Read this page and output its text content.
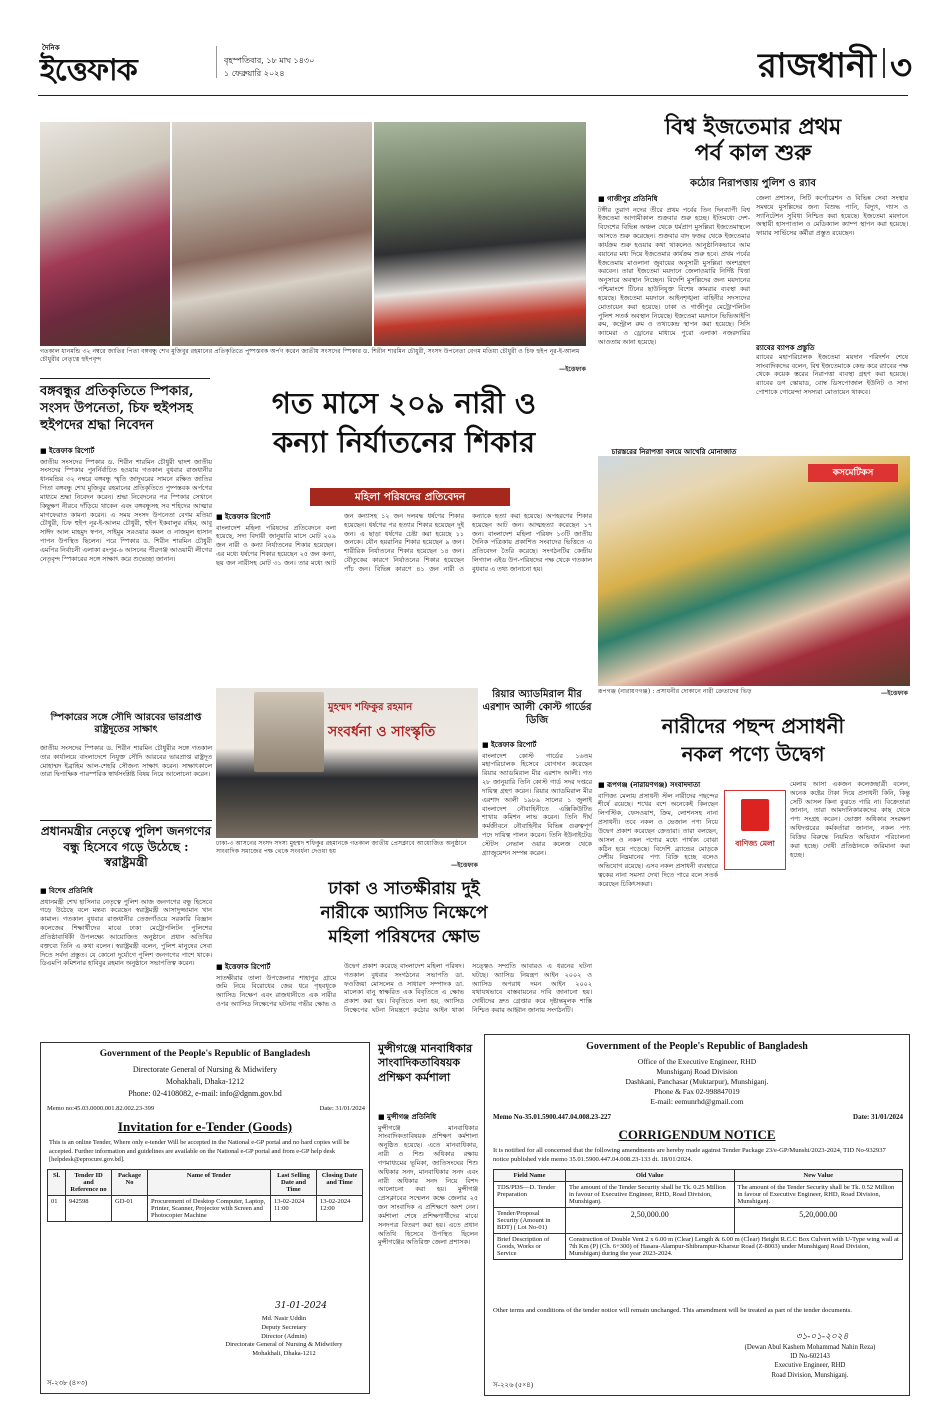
দৈনিক
ইত্তেফাক	বৃহস্পতিবার, ১৮ মাঘ ১৪৩০
১ ফেব্রুয়ারি ২০২৪	রাজধানী ৩
গতকাল ধানমন্ডি ৩২ নম্বরে জাতির পিতা বঙ্গবন্ধু শেখ মুজিবুর রহমানের প্রতিকৃতিতে পুষ্পস্তবক অর্পণ করেন জাতীয় সংসদের স্পিকার ড. শিরীন শারমিন চৌধুরী, সংসদ উপনেতা বেগম মতিয়া চৌধুরী ও চিফ হুইপ নূর-ই-আলম চৌধুরীর নেতৃত্বে হুইপবৃন্দ
—ইত্তেফাক
বিশ্ব ইজতেমার প্রথম
পর্ব কাল শুরু
কঠোর নিরাপত্তায় পুলিশ ও র‌্যাব
■ গাজীপুর প্রতিনিধি
টঙ্গীর তুরাগ নদের তীরে প্রথম পর্বের তিন দিনব্যাপী বিশ্ব ইজতেমা আগামীকাল শুক্রবার শুরু হচ্ছে। ইতিমধ্যে দেশ-বিদেশের বিভিন্ন অঞ্চল থেকে ধর্মপ্রাণ মুসল্লিরা ইজতেমাস্থলে আসতে শুরু করেছেন। শুক্রবার বাদ ফজর থেকে ইজতেমার কার্যক্রম শুরু হওয়ার কথা থাকলেও আনুষ্ঠানিকভাবে আম বয়ানের মধ্য দিয়ে ইজতেমার কার্যক্রম শুরু হবে। প্রথম পর্বের ইজতেমায় মাওলানা জুবায়ের অনুসারী মুসল্লিরা অংশগ্রহণ করবেন। তারা ইজতেমা ময়দানে জেলাওয়ারি নির্দিষ্ট খিত্তা অনুসারে অবস্থান নিচ্ছেন। বিদেশি মুসল্লিদের জন্য ময়দানের পশ্চিমাংশে টিনের ছাউনিযুক্ত বিশেষ কামরার ব্যবস্থা করা হয়েছে। ইজতেমা ময়দানে আইনশৃঙ্খলা বাহিনীর সদস্যদের মোতায়েন করা হয়েছে। ঢাকা ও গাজীপুর মেট্রোপলিটন পুলিশ সতর্ক অবস্থান নিয়েছে। ইজতেমা ময়দানে ভিভিআইপি রুম, কন্ট্রোল রুম ও তথ্যকেন্দ্র স্থাপন করা হয়েছে। সিসি ক্যামেরা ও ড্রোনের মাধ্যমে পুরো এলাকা নজরদারির আওতায় আনা হয়েছে।
চারস্তরের নিরাপত্তা বলয়ে আখেরি মোনাজাত
জেলা প্রশাসন, সিটি কর্পোরেশন ও বিভিন্ন সেবা সংস্থার সমন্বয়ে মুসল্লিদের জন্য বিশুদ্ধ পানি, বিদ্যুৎ, গ্যাস ও স্যানিটেশন সুবিধা নিশ্চিত করা হয়েছে। ইজতেমা ময়দানে অস্থায়ী হাসপাতাল ও মেডিক্যাল ক্যাম্প স্থাপন করা হয়েছে। ফায়ার সার্ভিসের কর্মীরা প্রস্তুত রয়েছেন।
র‌্যাবের ব্যাপক প্রস্তুতি
র‌্যাবের মহাপরিচালক ইজতেমা ময়দান পরিদর্শন শেষে সাংবাদিকদের বলেন, বিশ্ব ইজতেমাকে কেন্দ্র করে র‌্যাবের পক্ষ থেকে কয়েক স্তরের নিরাপত্তা ব্যবস্থা গ্রহণ করা হয়েছে। র‌্যাবের ডগ স্কোয়াড, বোম্ব ডিসপোজাল ইউনিট ও সাদা পোশাকে গোয়েন্দা সদস্যরা মোতায়েন থাকবে।
কসমেটিকস
রূপগঞ্জ (নারায়ণগঞ্জ) : প্রসাধনীর দোকানে নারী ক্রেতাদের ভিড়	—ইত্তেফাক
বঙ্গবন্ধুর প্রতিকৃতিতে স্পিকার, সংসদ উপনেতা, চিফ হুইপসহ হুইপদের শ্রদ্ধা নিবেদন
■ ইত্তেফাক রিপোর্ট
জাতীয় সংসদের স্পিকার ড. শিরীন শারমিন চৌধুরী দ্বাদশ জাতীয় সংসদের স্পিকার পুনর্নির্বাচিত হওয়ায় গতকাল বুধবার রাজধানীর ধানমন্ডির ৩২ নম্বরে বঙ্গবন্ধু স্মৃতি জাদুঘরের সামনে রক্ষিত জাতির পিতা বঙ্গবন্ধু শেখ মুজিবুর রহমানের প্রতিকৃতিতে পুষ্পস্তবক অর্পণের মাধ্যমে শ্রদ্ধা নিবেদন করেন। শ্রদ্ধা নিবেদনের পর স্পিকার সেখানে কিছুক্ষণ নীরবে দাঁড়িয়ে থাকেন এবং বঙ্গবন্ধুসহ সব শহিদের আত্মার মাগফেরাত কামনা করেন। এ সময় সংসদ উপনেতা বেগম মতিয়া চৌধুরী, চিফ হুইপ নূর-ই-আলম চৌধুরী, হুইপ ইকবালুর রহিম, আবু সাঈদ আল মাহমুদ স্বপন, সাইমুম সরওয়ার কমল ও নাজমুল হাসান পাপন উপস্থিত ছিলেন। পরে স্পিকার ড. শিরীন শারমিন চৌধুরী এমপির নির্বাচনী এলাকা রংপুর-৬ আসনের পীরগঞ্জ আওয়ামী লীগের নেতৃবৃন্দ স্পিকারের সঙ্গে সাক্ষাৎ করে শুভেচ্ছা জানান।
স্পিকারের সঙ্গে সৌদি আরবের ভারপ্রাপ্ত রাষ্ট্রদূতের সাক্ষাৎ
জাতীয় সংসদের স্পিকার ড. শিরীন শারমিন চৌধুরীর সঙ্গে গতকাল তার কার্যালয়ে বাংলাদেশে নিযুক্ত সৌদি আরবের ভারপ্রাপ্ত রাষ্ট্রদূত মোহাম্মদ ইব্রাহিম আল-শেহরি সৌজন্য সাক্ষাৎ করেন। সাক্ষাৎকালে তারা দ্বিপাক্ষিক পারস্পরিক স্বার্থসংশ্লিষ্ট বিষয় নিয়ে আলোচনা করেন।
প্রধানমন্ত্রীর নেতৃত্বে পুলিশ জনগণের বন্ধু হিসেবে গড়ে উঠেছে : স্বরাষ্ট্রমন্ত্রী
■ বিশেষ প্রতিনিধি
প্রধানমন্ত্রী শেখ হাসিনার নেতৃত্বে পুলিশ আজ জনগণের বন্ধু হিসেবে গড়ে উঠেছে বলে মন্তব্য করেছেন স্বরাষ্ট্রমন্ত্রী আসাদুজ্জামান খান কামাল। গতকাল বুধবার রাজধানীর তেজগাঁওয়ে সরকারি বিজ্ঞান কলেজের শিক্ষার্থীদের মাঝে ঢাকা মেট্রোপলিটন পুলিশের প্রতিষ্ঠাবার্ষিকী উপলক্ষ্যে আয়োজিত অনুষ্ঠানে প্রধান অতিথির বক্তব্যে তিনি এ কথা বলেন। স্বরাষ্ট্রমন্ত্রী বলেন, পুলিশ মানুষের সেবা দিতে সর্বদা প্রস্তুত। যে কোনো দুর্যোগে পুলিশ জনগণের পাশে থাকে। ডিএমপি কমিশনার হাবিবুর রহমান অনুষ্ঠানে সভাপতিত্ব করেন।
গত মাসে ২০৯ নারী ও
কন্যা নির্যাতনের শিকার
মহিলা পরিষদের প্রতিবেদন
■ ইত্তেফাক রিপোর্ট
বাংলাদেশ মহিলা পরিষদের প্রতিবেদনে বলা হয়েছে, সদ্য বিদায়ী জানুয়ারি মাসে মোট ২০৯ জন নারী ও কন্যা নির্যাতনের শিকার হয়েছেন। এর মধ্যে ধর্ষণের শিকার হয়েছেন ২৫ জন কন্যা, ছয় জন নারীসহ মোট ৩১ জন। তার মধ্যে আট জন কন্যাসহ ১২ জন দলবদ্ধ ধর্ষণের শিকার হয়েছেন। ধর্ষণের পর হত্যার শিকার হয়েছেন দুই জন। এ ছাড়া ধর্ষণের চেষ্টা করা হয়েছে ১১ জনকে। যৌন হয়রানির শিকার হয়েছেন ৯ জন। শারীরিক নির্যাতনের শিকার হয়েছেন ১৪ জন। যৌতুকের কারণে নির্যাতনের শিকার হয়েছেন পাঁচ জন। বিভিন্ন কারণে ৪১ জন নারী ও কন্যাকে হত্যা করা হয়েছে। অপহরণের শিকার হয়েছেন আট জন। আত্মহত্যা করেছেন ১৭ জন। বাংলাদেশ মহিলা পরিষদ ১৩টি জাতীয় দৈনিক পত্রিকায় প্রকাশিত সংবাদের ভিত্তিতে এ প্রতিবেদন তৈরি করেছে। সংগঠনটির কেন্দ্রীয় লিগ্যাল এইড উপ-পরিষদের পক্ষ থেকে গতকাল বুধবার এ তথ্য জানানো হয়।
মুহম্মদ শফিকুর রহমান
সংবর্ধনা ও সাংস্কৃতি
ঢাকা-৩ আসনের সংসদ সদস্য মুহম্মদ শফিকুর রহমানকে গতকাল জাতীয় প্রেসক্লাবে আয়োজিত অনুষ্ঠানে সাংবাদিক সমাজের পক্ষ থেকে সংবর্ধনা দেওয়া হয়
—ইত্তেফাক
রিয়ার অ্যাডমিরাল মীর এরশাদ আলী কোস্ট গার্ডের ডিজি
■ ইত্তেফাক রিপোর্ট
বাংলাদেশ কোস্ট গার্ডের ১৬তম মহাপরিচালক হিসেবে যোগদান করেছেন রিয়ার অ্যাডমিরাল মীর এরশাদ আলী। গত ২৮ জানুয়ারি তিনি কোস্ট গার্ড সদর দপ্তরে দায়িত্ব গ্রহণ করেন। রিয়ার অ্যাডমিরাল মীর এরশাদ আলী ১৯৮৯ সালের ১ জুলাই বাংলাদেশ নৌবাহিনীতে এক্সিকিউটিভ শাখায় কমিশন লাভ করেন। তিনি দীর্ঘ কর্মজীবনে নৌবাহিনীর বিভিন্ন গুরুত্বপূর্ণ পদে দায়িত্ব পালন করেন। তিনি ইউনাইটেড স্টেটস নেভাল ওয়ার কলেজ থেকে গ্র্যাজুয়েশন সম্পন্ন করেন।
ঢাকা ও সাতক্ষীরায় দুই
নারীকে অ্যাসিড নিক্ষেপে
মহিলা পরিষদের ক্ষোভ
■ ইত্তেফাক রিপোর্ট
সাতক্ষীরার তালা উপজেলার শাহাপুর গ্রামে জমি নিয়ে বিরোধের জের ধরে গৃহবধূকে অ্যাসিড নিক্ষেপ এবং রাজধানীতে এক নারীর ওপর অ্যাসিড নিক্ষেপের ঘটনায় গভীর ক্ষোভ ও উদ্বেগ প্রকাশ করেছে বাংলাদেশ মহিলা পরিষদ। গতকাল বুধবার সংগঠনের সভাপতি ডা. ফওজিয়া মোসলেম ও সাধারণ সম্পাদক ডা. মালেকা বানু স্বাক্ষরিত এক বিবৃতিতে এ ক্ষোভ প্রকাশ করা হয়। বিবৃতিতে বলা হয়, অ্যাসিড নিক্ষেপের ঘটনা নিয়ন্ত্রণে কঠোর আইন থাকা সত্ত্বেও সম্প্রতি আবারও এ ধরনের ঘটনা ঘটছে। অ্যাসিড নিয়ন্ত্রণ আইন ২০০২ ও অ্যাসিড অপরাধ দমন আইন ২০০২ যথাযথভাবে বাস্তবায়নের দাবি জানানো হয়। দোষীদের দ্রুত গ্রেপ্তার করে দৃষ্টান্তমূলক শাস্তি নিশ্চিত করার আহ্বান জানায় সংগঠনটি।
নারীদের পছন্দ প্রসাধনী
নকল পণ্যে উদ্বেগ
■ রূপগঞ্জ (নারায়ণগঞ্জ) সংবাদদাতা
বাণিজ্য মেলায় প্রসাধনী স্টল নারীদের পছন্দের শীর্ষে রয়েছে। শখের বশে অনেকেই কিনছেন লিপস্টিক, ফেসওয়াশ, ক্রিম, লোশনসহ নানা প্রসাধনী। তবে নকল ও ভেজাল পণ্য নিয়ে উদ্বেগ প্রকাশ করেছেন ক্রেতারা। তারা বলছেন, আসল ও নকল পণ্যের মধ্যে পার্থক্য বোঝা কঠিন হয়ে পড়েছে। বিদেশি ব্র্যান্ডের মোড়কে দেশীয় নিম্নমানের পণ্য বিক্রি হচ্ছে বলেও অভিযোগ রয়েছে। এসব নকল প্রসাধনী ব্যবহারে ত্বকের নানা সমস্যা দেখা দিতে পারে বলে সতর্ক করেছেন চিকিৎসকরা।
বাণিজ্য মেলা
মেলায় আসা একজন কলেজছাত্রী বলেন, অনেক কষ্টের টাকা দিয়ে প্রসাধনী কিনি, কিন্তু সেটি আসল কিনা বুঝতে পারি না। বিক্রেতারা জানান, তারা আমদানিকারকদের কাছ থেকে পণ্য সংগ্রহ করেন। ভোক্তা অধিকার সংরক্ষণ অধিদপ্তরের কর্মকর্তারা জানান, নকল পণ্য বিক্রির বিরুদ্ধে নিয়মিত অভিযান পরিচালনা করা হচ্ছে। দোষী প্রতিষ্ঠানকে জরিমানা করা হচ্ছে।
Government of the People's Republic of Bangladesh
Directorate General of Nursing & Midwifery
Mohakhali, Dhaka-1212
Phone: 02-4108082, e-mail: info@dgnm.gov.bd
Memo no:45.03.0000.001.82.002.23-399	Date: 31/01/2024
Invitation for e-Tender (Goods)
This is an online Tender, Where only e-tender Will be accepted in the National e-GP portal and no hard copies will be accepted. Further information and guidelines are available on the National e-GP portal and from e-GP help desk [helpdesk@eprocure.gov.bd].
Sl.	Tender ID and Reference no	Package No	Name of Tender	Last Selling Date and Time	Closing Date and Time
01	942598	GD-01	Procurement of Desktop Computer, Laptop, Printer, Scanner, Projector with Screen and Photocopier Machine	13-02-2024 11:00	13-02-2024 12:00
31-01-2024
Md. Nasir Uddin
Deputy Secretary
Director (Admin)
Directorate General of Nursing & Midwifery
Mohakhali, Dhaka-1212
স-২৩৮ (৪×৩)
মুন্সীগঞ্জে মানবাধিকার সাংবাদিকতাবিষয়ক প্রশিক্ষণ কর্মশালা
■ মুন্সীগঞ্জ প্রতিনিধি
মুন্সীগঞ্জে মানবাধিকার সাংবাদিকতাবিষয়ক প্রশিক্ষণ কর্মশালা অনুষ্ঠিত হয়েছে। এতে মানবাধিকার, নারী ও শিশু অধিকার রক্ষায় গণমাধ্যমের ভূমিকা, জাতিসংঘের শিশু অধিকার সনদ, মানবাধিকার সনদ এবং নারী অধিকার সনদ নিয়ে বিশদ আলোচনা করা হয়। মুন্সীগঞ্জ প্রেসক্লাবের সম্মেলন কক্ষে জেলার ২৫ জন সাংবাদিক এ প্রশিক্ষণে অংশ নেন। কর্মশালা শেষে প্রশিক্ষণার্থীদের মাঝে সনদপত্র বিতরণ করা হয়। এতে প্রধান অতিথি হিসেবে উপস্থিত ছিলেন মুন্সীগঞ্জের অতিরিক্ত জেলা প্রশাসক।
Government of the People's Republic of Bangladesh
Office of the Executive Engineer, RHD
Munshiganj Road Division
Dashkani, Panchasar (Muktarpur), Munshiganj.
Phone & Fax 02-998847019
E-mail: eemunrhd@gmail.com
Memo No-35.01.5900.447.04.008.23-227	Date: 31/01/2024
CORRIGENDUM NOTICE
It is notified for all concerned that the following amendments are hereby made against Tender Package 23/e-GP/Munshi/2023-2024, TID No-932937 notice published vide memo 35.01.5900.447.04.008.23-133 dt. 18/01/2024.
Field Name	Old Value	New Value
TDS/PDS—D. Tender Preparation	The amount of the Tender Security shall be Tk. 0.25 Million in favour of Executive Engineer, RHD, Road Division, Munshiganj.	The amount of the Tender Security shall be Tk. 0.52 Million in favour of Executive Engineer, RHD, Road Division, Munshiganj.
Tender/Proposal Security (Amount in BDT) ( Lot No-01)	2,50,000.00	5,20,000.00
Brief Description of Goods, Works or Service	Construction of Double Vent 2 x 6.00 m (Clear) Length & 6.00 m (Clear) Height R.C.C Box Culvert with U-Type wing wall at 7th Km (P) (Ch. 6+300) of Hasara-Alampur-Shibrampur-Kharsur Road (Z-8003) under Munshiganj Road Division, Munshiganj during the year 2023-2024.	
Other terms and conditions of the tender notice will remain unchanged. This amendment will be treated as part of the tender documents.
৩১-০১-২০২৪
(Dewan Abul Kashem Mohammad Nahin Reza)
ID No-602143
Executive Engineer, RHD
Road Division, Munshiganj.
স-২২৬ (৫×৪)
